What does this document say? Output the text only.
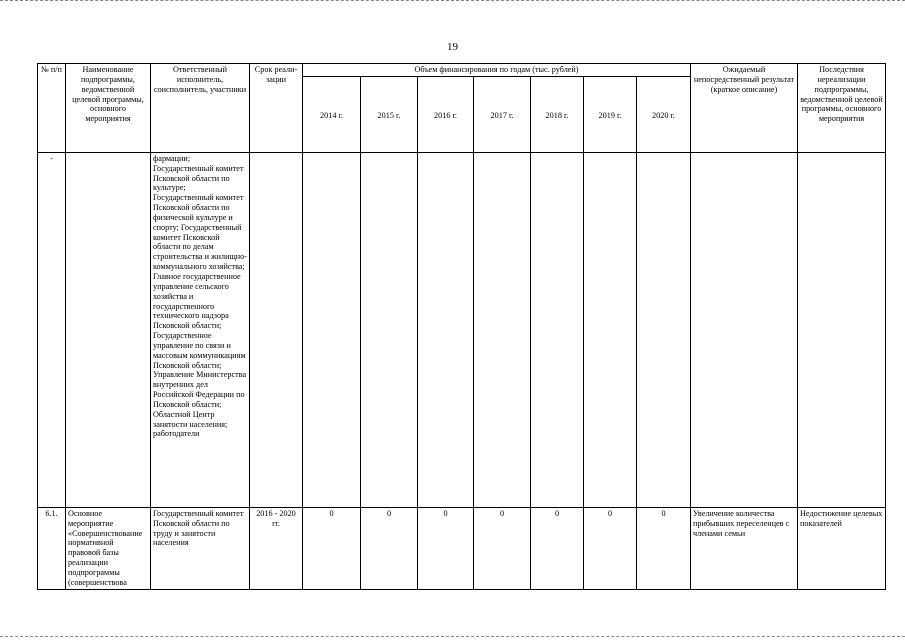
19
№ п/п	Наименование подпрограммы, ведомственной целевой программы, основного мероприятия	Ответственный исполнитель, соисполнитель, участники	Срок реали-зации	Объем финансирования по годам (тыс. рублей)							Ожидаемый непосредственный результат (краткое описание)	Последствия нереализации подпрограммы, ведомственной целевой программы, основного мероприятия
				2014 г.	2015 г.	2016 г.	2017 г.	2018 г.	2019 г.	2020 г.		
-		фармации; Государственный комитет Псковской области по культуре; Государственный комитет Псковской области по физической культуре и спорту; Государственный комитет Псковской области по делам строительства и жилищно-коммунального хозяйства; Главное государственное управление сельского хозяйства и государственного технического надзора Псковской области; Государственное управление по связи и массовым коммуникациям Псковской области; Управление Министерства внутренних дел Российской Федерации по Псковской области; Областной Центр занятости населения; работодатели										
6.1.	Основное мероприятие «Совершенствование нормативной правовой базы реализации подпрограммы (совершенствова	Государственный комитет Псковской области по труду и занятости населения	2016 - 2020 гг.	0	0	0	0	0	0	0	Увеличение количества прибывших переселенцев с членами семьи	Недостижение целевых показателей
